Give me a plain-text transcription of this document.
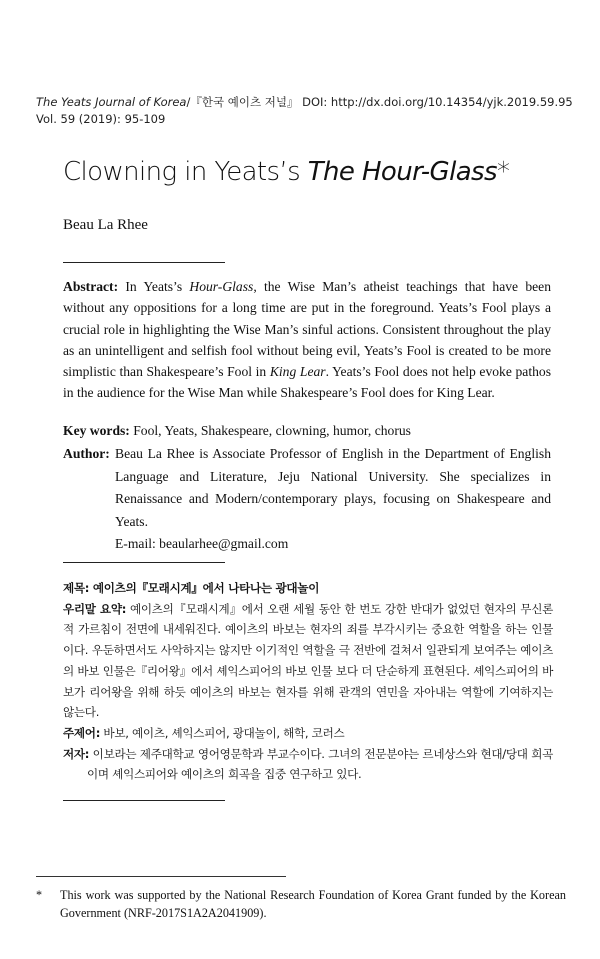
The Yeats Journal of Korea/『한국 예이츠 저널』 DOI: http://dx.doi.org/10.14354/yjk.2019.59.95
Vol. 59 (2019): 95-109
Clowning in Yeats’s The Hour-Glass*
Beau La Rhee
Abstract: In Yeats’s Hour-Glass, the Wise Man’s atheist teachings that have been without any oppositions for a long time are put in the foreground. Yeats’s Fool plays a crucial role in highlighting the Wise Man’s sinful actions. Consistent throughout the play as an unintelligent and selfish fool without being evil, Yeats’s Fool is created to be more simplistic than Shakespeare’s Fool in King Lear. Yeats’s Fool does not help evoke pathos in the audience for the Wise Man while Shakespeare’s Fool does for King Lear.
Key words: Fool, Yeats, Shakespeare, clowning, humor, chorus
Author: Beau La Rhee is Associate Professor of English in the Department of English Language and Literature, Jeju National University. She specializes in Renaissance and Modern/contemporary plays, focusing on Shakespeare and Yeats.
E-mail: beaularhee@gmail.com
제목: 예이츠의『모래시계』에서 나타나는 광대놀이
우리말 요약: 예이츠의『모래시계』에서 오랜 세월 동안 한 번도 강한 반대가 없었던 현자의 무신론적 가르침이 전면에 내세워진다. 예이츠의 바보는 현자의 죄를 부각시키는 중요한 역할을 하는 인물이다. 우둔하면서도 사악하지는 않지만 이기적인 역할을 극 전반에 걸쳐서 일관되게 보여주는 예이츠의 바보 인물은『리어왕』에서 셰익스피어의 바보 인물 보다 더 단순하게 표현된다. 셰익스피어의 바보가 리어왕을 위해 하듯 예이츠의 바보는 현자를 위해 관객의 연민을 자아내는 역할에 기여하지는 않는다.
주제어: 바보, 예이츠, 셰익스피어, 광대놀이, 해학, 코러스
저자: 이보라는 제주대학교 영어영문학과 부교수이다. 그녀의 전문분야는 르네상스와 현대/당대 희곡이며 셰익스피어와 예이츠의 희곡을 집중 연구하고 있다.
* This work was supported by the National Research Foundation of Korea Grant funded by the Korean Government (NRF-2017S1A2A2041909).
